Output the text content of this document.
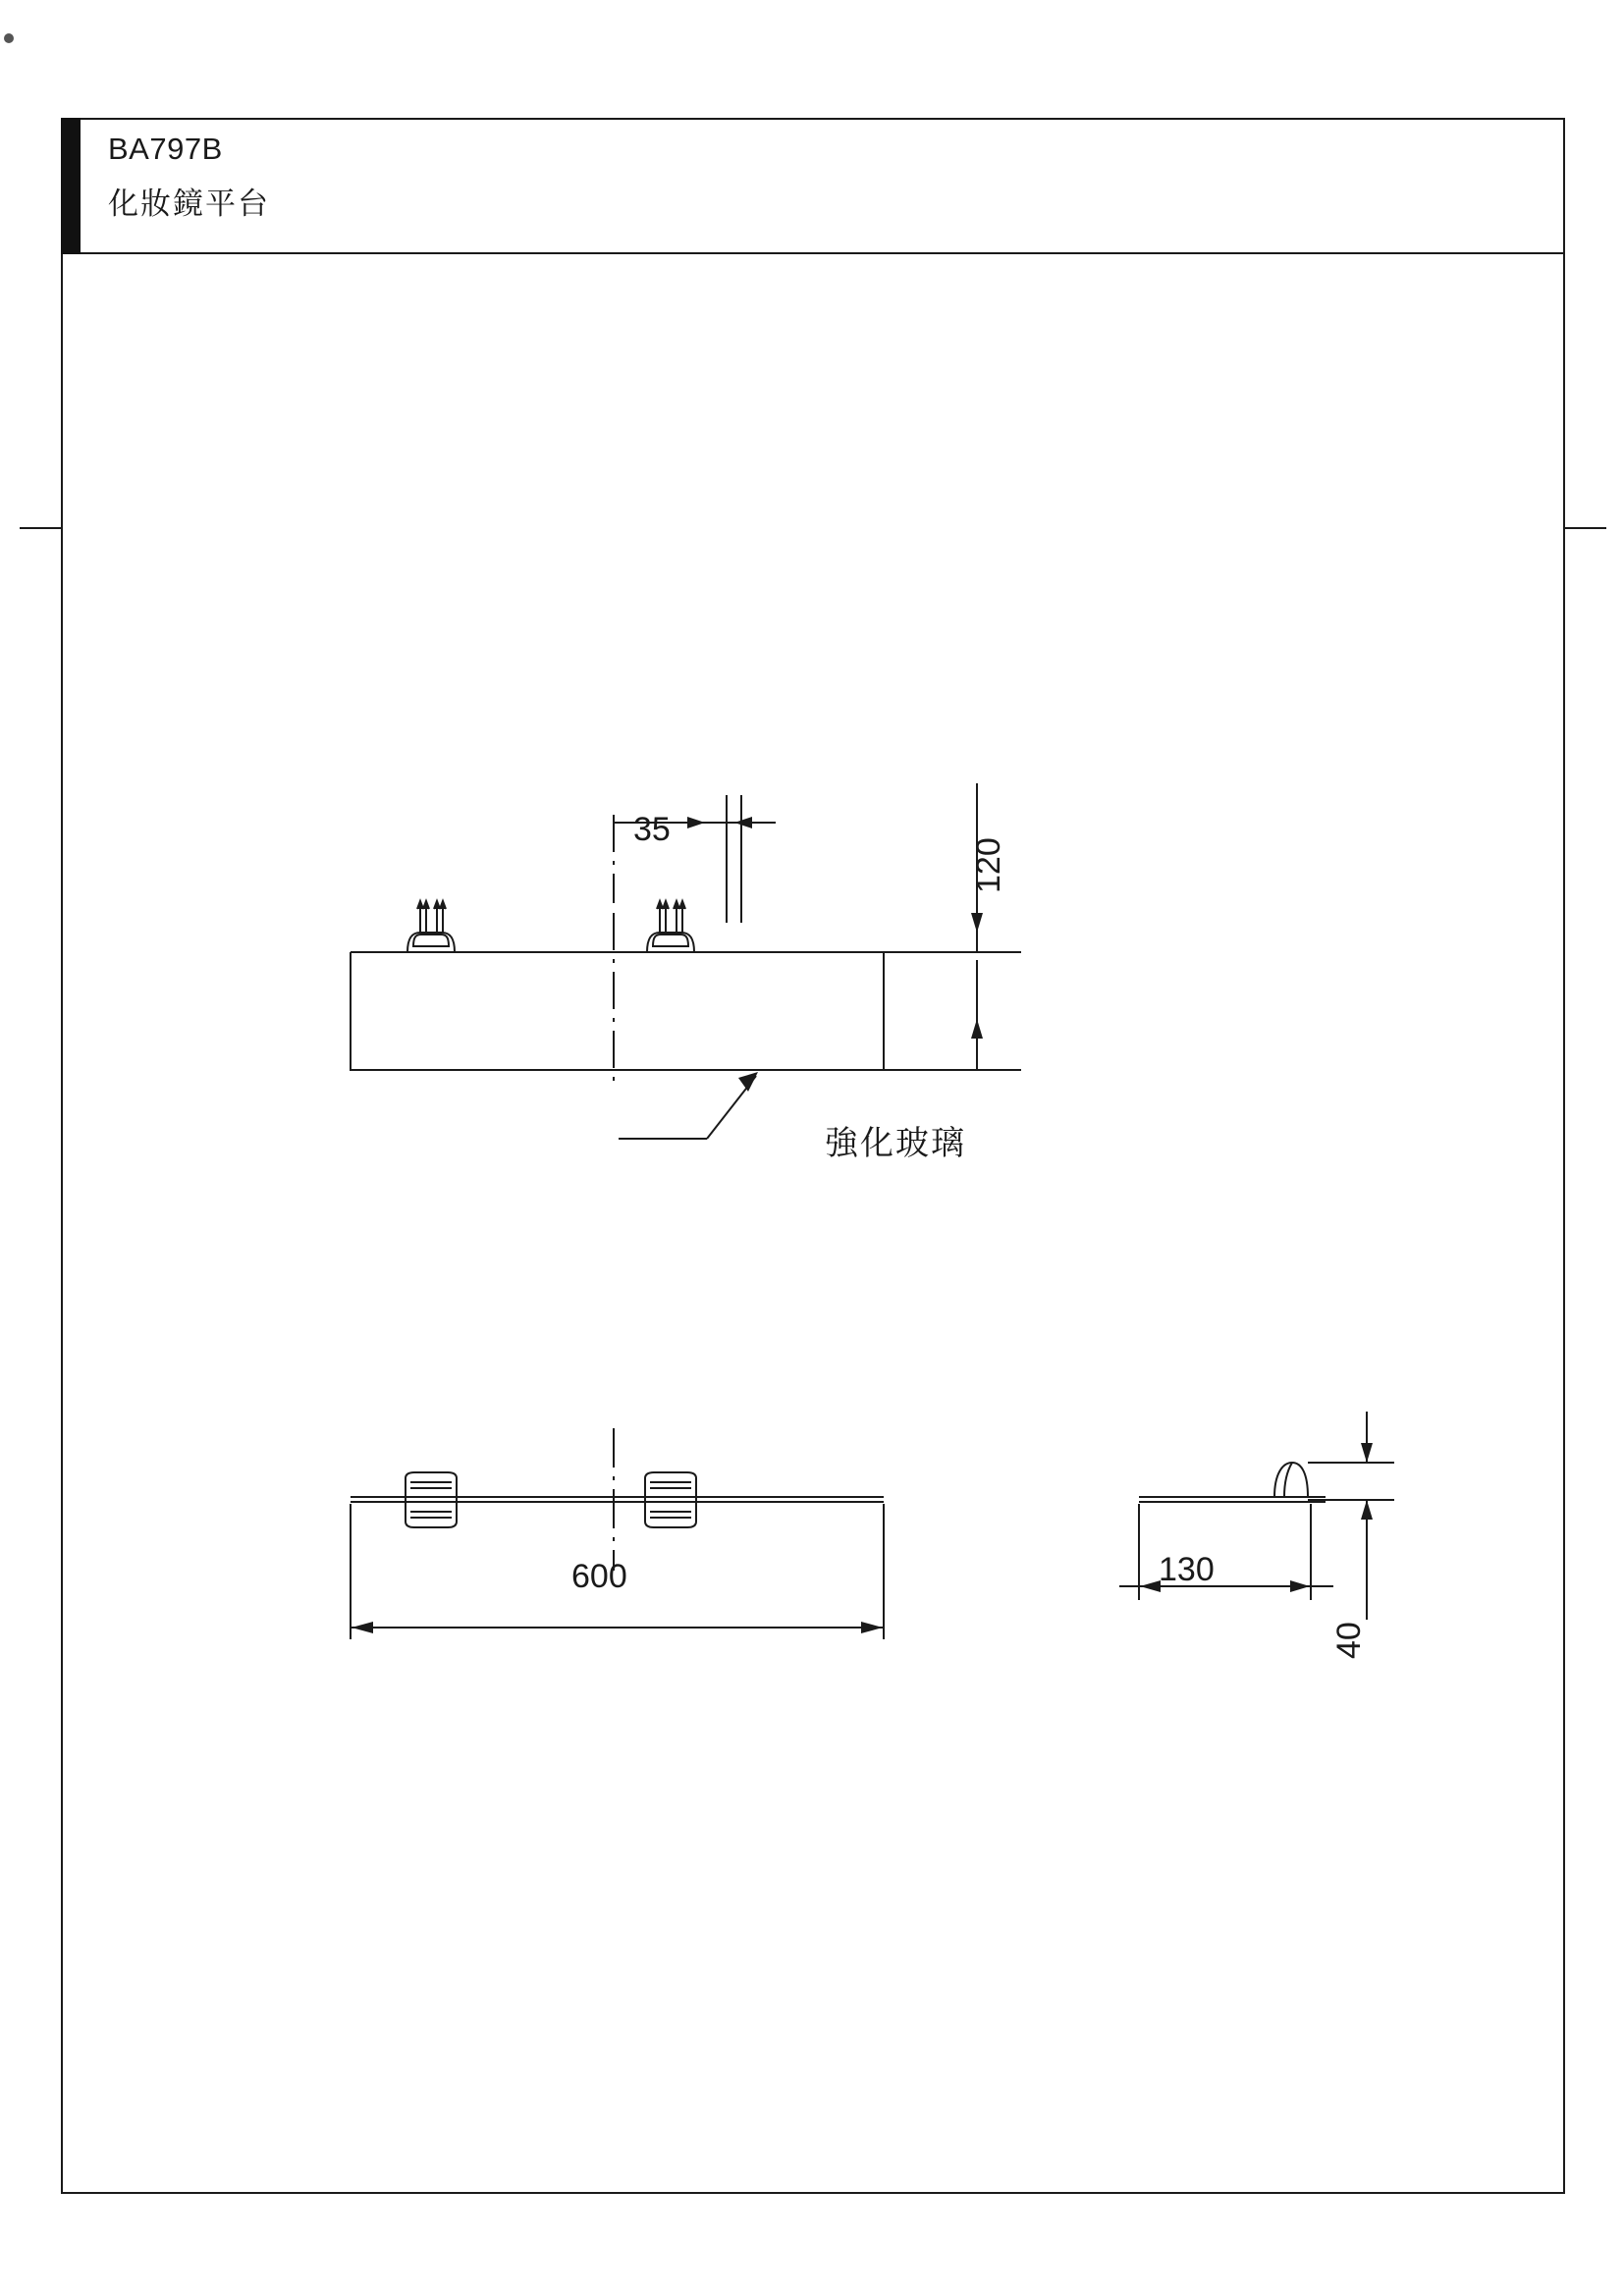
BA797B
化妝鏡平台
35
120
強化玻璃
600	130
40
